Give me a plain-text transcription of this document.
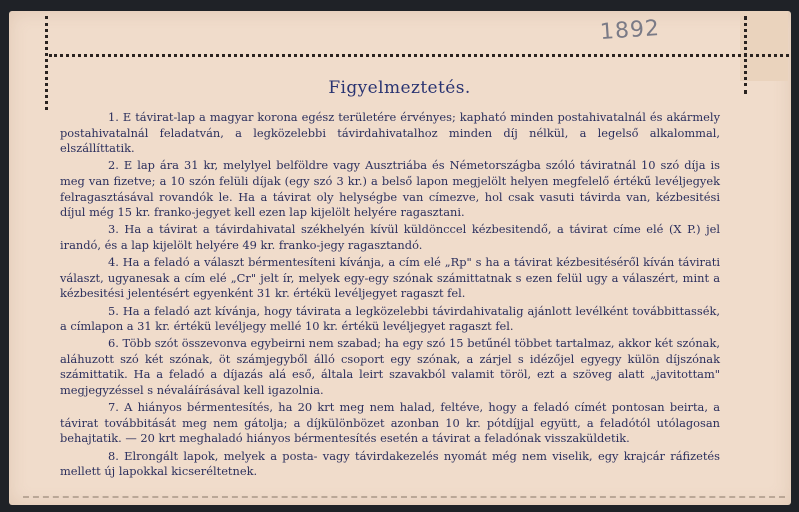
1892
Figyelmeztetés.

1. E távirat-lap a magyar korona egész területére érvényes; kapható minden postahivatalnál és akármely postahivatalnál feladatván, a legközelebbi távirdahivatalhoz minden díj nélkül, a legelső alkalommal, elszállíttatik.

2. E lap ára 31 kr, melylyel belföldre vagy Ausztriába és Németországba szóló táviratnál 10 szó díja is meg van fizetve; a 10 szón felüli díjak (egy szó 3 kr.) a belső lapon megjelölt helyen megfelelő értékű levéljegyek felragasztásával rovandók le. Ha a távirat oly helységbe van címezve, hol csak vasuti távirda van, kézbesitési díjul még 15 kr. franko-jegyet kell ezen lap kijelölt helyére ragasztani.

3. Ha a távirat a távirdahivatal székhelyén kívül küldönccel kézbesitendő, a távirat címe elé (X P.) jel irandó, és a lap kijelölt helyére 49 kr. franko-jegy ragasztandó.

4. Ha a feladó a választ bérmentesíteni kívánja, a cím elé „Rp" s ha a távirat kézbesitéséről kíván távirati választ, ugyanesak a cím elé „Cr" jelt ír, melyek egy-egy szónak számittatnak s ezen felül ugy a válaszért, mint a kézbesitési jelentésért egyenként 31 kr. értékü levéljegyet ragaszt fel.

5. Ha a feladó azt kívánja, hogy távirata a legközelebbi távirdahivatalig ajánlott levélként továbbittassék, a címlapon a 31 kr. értékü levéljegy mellé 10 kr. értékü levéljegyet ragaszt fel.

6. Több szót összevonva egybeirni nem szabad; ha egy szó 15 betűnél többet tartalmaz, akkor két szónak, aláhuzott szó két szónak, öt számjegyből álló csoport egy szónak, a zárjel s idézőjel egyegy külön díjszónak számittatik. Ha a feladó a díjazás alá eső, általa leirt szavakból valamit töröl, ezt a szöveg alatt „javitottam" megjegyzéssel s névaláírásával kell igazolnia.

7. A hiányos bérmentesítés, ha 20 krt meg nem halad, feltéve, hogy a feladó címét pontosan beirta, a távirat továbbitását meg nem gátolja; a díjkülönbözet azonban 10 kr. pótdíjjal együtt, a feladótól utólagosan behajtatik. — 20 krt meghaladó hiányos bérmentesítés esetén a távirat a feladónak visszaküldetik.

8. Elrongált lapok, melyek a posta- vagy távirdakezelés nyomát még nem viselik, egy krajcár ráfizetés mellett új lapokkal kicseréltetnek.
